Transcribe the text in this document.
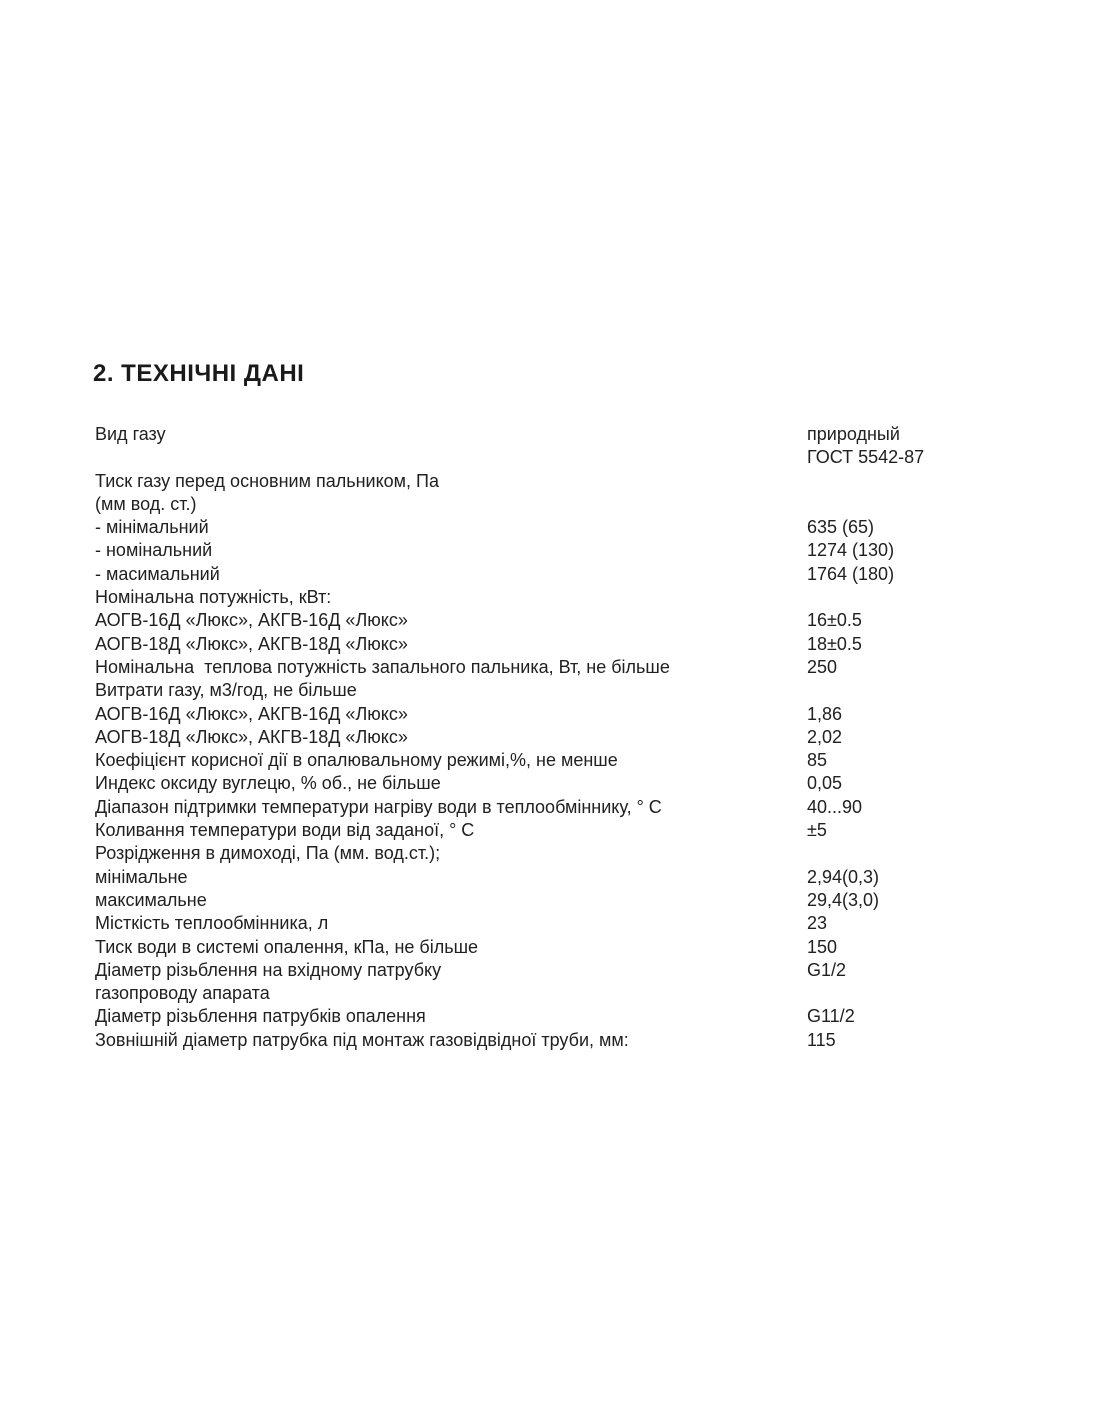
2. ТЕХНІЧНІ ДАНІ
Вид газу	природный
ГОСТ 5542-87
Тиск газу перед основним пальником, Па
(мм вод. ст.)
- мінімальний	635 (65)
- номінальний	1274 (130)
- масимальний	1764 (180)
Номінальна потужність, кВт:
АОГВ-16Д «Люкс», АКГВ-16Д «Люкс»	16±0.5
АОГВ-18Д «Люкс», АКГВ-18Д «Люкс»	18±0.5
Номінальна  теплова потужність запального пальника, Вт, не більше	250
Витрати газу, м3/год, не більше
АОГВ-16Д «Люкс», АКГВ-16Д «Люкс»	1,86
АОГВ-18Д «Люкс», АКГВ-18Д «Люкс»	2,02
Коефіцієнт корисної дії в опалювальному режимі,%, не менше	85
Индекс оксиду вуглецю, % об., не більше	0,05
Діапазон підтримки температури нагріву води в теплообміннику, ° С	40...90
Коливання температури води від заданої, ° С	±5
Розрідження в димоході, Па (мм. вод.ст.);
мінімальне	2,94(0,3)
максимальне	29,4(3,0)
Місткість теплообмінника, л	23
Тиск води в системі опалення, кПа, не більше	150
Діаметр різьблення на вхідному патрубку	G1/2
газопроводу апарата
Діаметр різьблення патрубків опалення	G11/2
Зовнішній діаметр патрубка під монтаж газовідвідної труби, мм:	115
